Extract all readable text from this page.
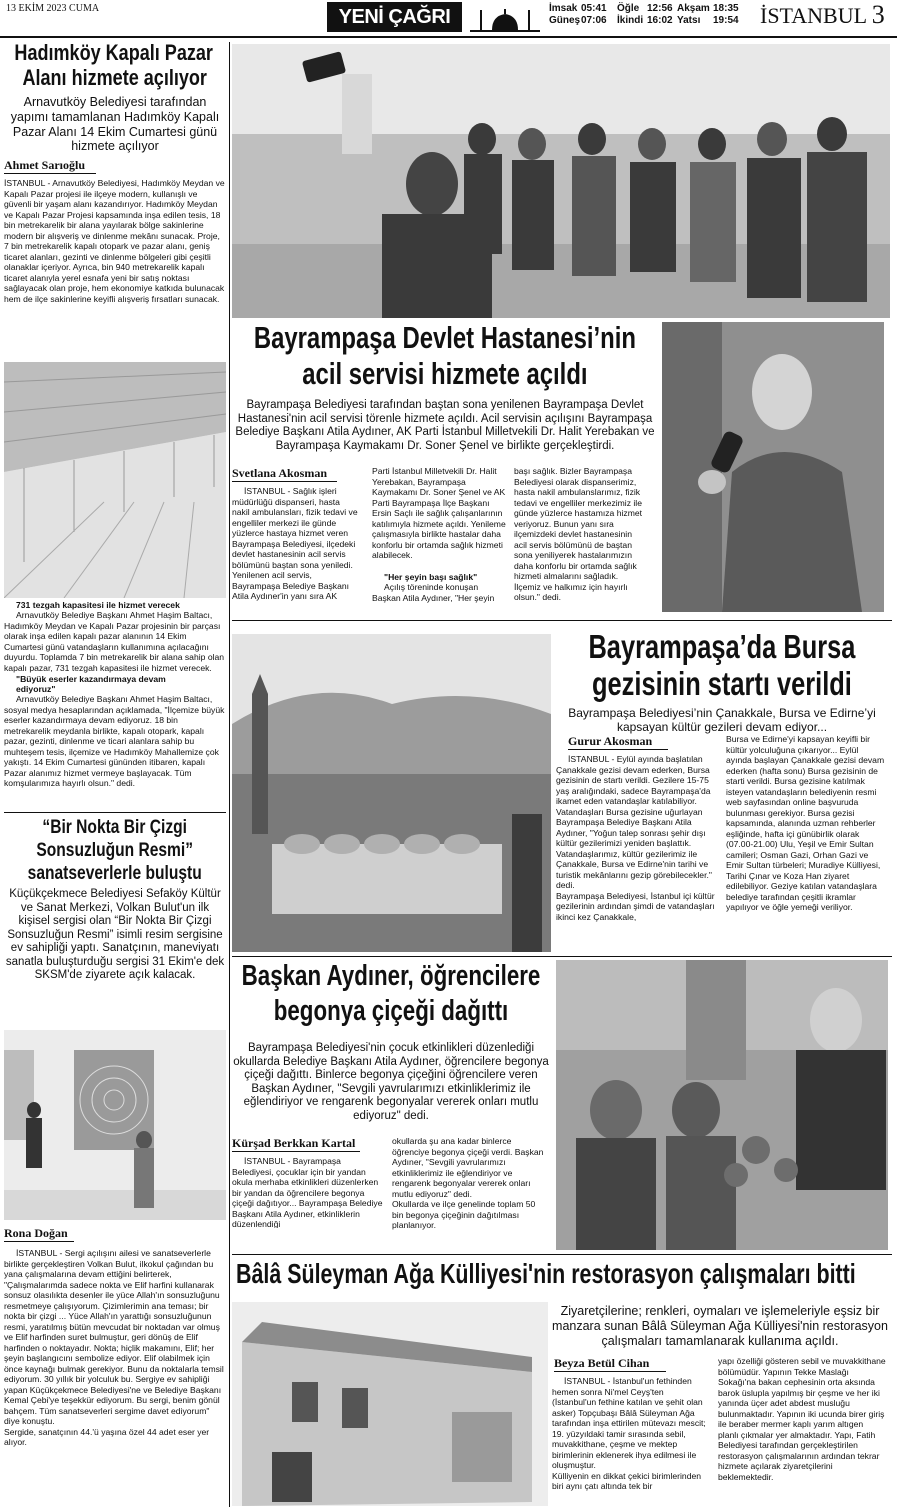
13 EKİM 2023 CUMA	YENİ ÇAĞRI	İmsak 05:41 Öğle 12:56 Akşam 18:35
Güneş07:06 İkindi 16:02 Yatsı 19:54 İSTANBUL 3
Hadımköy Kapalı Pazar
Alanı hizmete açılıyor
Arnavutköy Belediyesi tarafından yapımı tamamlanan Hadımköy Kapalı Pazar Alanı 14 Ekim Cumartesi günü hizmete açılıyor
Ahmet Sarıoğlu
İSTANBUL - Arnavutköy Belediyesi, Hadımköy Meydan ve Kapalı Pazar projesi ile ilçeye modern, kullanışlı ve güvenli bir yaşam alanı kazandırıyor. Hadımköy Meydan ve Kapalı Pazar Projesi kapsamında inşa edilen tesis, 18 bin metrekarelik bir alana yayılarak bölge sakinlerine modern bir alışveriş ve dinlenme mekânı sunacak. Proje, 7 bin metrekarelik kapalı otopark ve pazar alanı, geniş ticaret alanları, gezinti ve dinlenme bölgeleri gibi çeşitli olanaklar içeriyor. Ayrıca, bin 940 metrekarelik kapalı ticaret alanıyla yerel esnafa yeni bir satış noktası sağlayacak olan proje, hem ekonomiye katkıda bulunacak hem de ilçe sakinlerine keyifli alışveriş fırsatları sunacak.
731 tezgah kapasitesi ile hizmet verecek
Arnavutköy Belediye Başkanı Ahmet Haşim Baltacı, Hadımköy Meydan ve Kapalı Pazar projesinin bir parçası olarak inşa edilen kapalı pazar alanının 14 Ekim Cumartesi günü vatandaşların kullanımına açılacağını duyurdu. Toplamda 7 bin metrekarelik bir alana sahip olan kapalı pazar, 731 tezgah kapasitesi ile hizmet verecek.
"Büyük eserler kazandırmaya devam ediyoruz"
Arnavutköy Belediye Başkanı Ahmet Haşim Baltacı, sosyal medya hesaplarından açıklamada, "İlçemize büyük eserler kazandırmaya devam ediyoruz. 18 bin metrekarelik meydanla birlikte, kapalı otopark, kapalı pazar, gezinti, dinlenme ve ticari alanlara sahip bu muhteşem tesis, ilçemize ve Hadımköy Mahallemize çok yakıştı. 14 Ekim Cumartesi gününden itibaren, kapalı Pazar alanımız hizmet vermeye başlayacak. Tüm komşularımıza hayırlı olsun." dedi.
“Bir Nokta Bir Çizgi
Sonsuzluğun Resmi”
sanatseverlerle buluştu
Küçükçekmece Belediyesi Sefaköy Kültür ve Sanat Merkezi, Volkan Bulut'un ilk kişisel sergisi olan “Bir Nokta Bir Çizgi Sonsuzluğun Resmi” isimli resim sergisine ev sahipliği yaptı. Sanatçının, maneviyatı sanatla buluşturduğu sergisi 31 Ekim'e dek SKSM'de ziyarete açık kalacak.
Rona Doğan
İSTANBUL - Sergi açılışını ailesi ve sanatseverlerle birlikte gerçekleştiren Volkan Bulut, ilkokul çağından bu yana çalışmalarına devam ettiğini belirterek, "Çalışmalarımda sadece nokta ve Elif harfini kullanarak sonsuz olasılıkta desenler ile yüce Allah'ın sonsuzluğunu resmetmeye çalışıyorum. Çizimlerimin ana teması; bir nokta bir çizgi ... Yüce Allah'ın yarattığı sonsuzluğunun resmi, yaratılmış bütün mevcudat bir noktadan var olmuş ve Elif harfinden suret bulmuştur, geri dönüş de Elif harfinden o noktayadır. Nokta; hiçlik makamını, Elif; her şeyin başlangıcını sembolize ediyor. Elif olabilmek için önce kaynağı bulmak gerekiyor. Bunu da noktalarla temsil ediyorum. 30 yıllık bir yolculuk bu. Sergiye ev sahipliği yapan Küçükçekmece Belediyesi'ne ve Belediye Başkanı Kemal Çebi'ye teşekkür ediyorum. Bu sergi, benim gönül bahçem. Tüm sanatseverleri sergime davet ediyorum" diye konuştu.
Sergide, sanatçının 44.'ü yaşına özel 44 adet eser yer alıyor.
Bayrampaşa Devlet Hastanesi’nin
acil servisi hizmete açıldı
Bayrampaşa Belediyesi tarafından baştan sona yenilenen Bayrampaşa Devlet Hastanesi'nin acil servisi törenle hizmete açıldı. Acil servisin açılışını Bayrampaşa Belediye Başkanı Atila Aydıner, AK Parti İstanbul Milletvekili Dr. Halit Yerebakan ve Bayrampaşa Kaymakamı Dr. Soner Şenel ve birlikte gerçekleştirdi.
Svetlana Akosman
İSTANBUL - Sağlık işleri müdürlüğü dispanseri, hasta nakil ambulansları, fizik tedavi ve engelliler merkezi ile günde yüzlerce hastaya hizmet veren Bayrampaşa Belediyesi, ilçedeki devlet hastanesinin acil servis bölümünü baştan sona yeniledi. Yenilenen acil servis, Bayrampaşa Belediye Başkanı Atila Aydıner'in yanı sıra AK
Parti İstanbul Milletvekili Dr. Halit Yerebakan, Bayrampaşa Kaymakamı Dr. Soner Şenel ve AK Parti Bayrampaşa İlçe Başkanı Ersin Saçlı ile sağlık çalışanlarının katılımıyla hizmete açıldı. Yenileme çalışmasıyla birlikte hastalar daha konforlu bir ortamda sağlık hizmeti alabilecek.
"Her şeyin başı sağlık"
Açılış töreninde konuşan Başkan Atila Aydıner, "Her şeyin
başı sağlık. Bizler Bayrampaşa Belediyesi olarak dispanserimiz, hasta nakil ambulanslarımız, fizik tedavi ve engelliler merkezimiz ile günde yüzlerce hastamıza hizmet veriyoruz. Bunun yanı sıra ilçemizdeki devlet hastanesinin acil servis bölümünü de baştan sona yeniliyerek hastalarımızın daha konforlu bir ortamda sağlık hizmeti almalarını sağladık. İlçemiz ve halkımız için hayırlı olsun." dedi.
Bayrampaşa’da Bursa
gezisinin startı verildi
Bayrampaşa Belediyesi’nin Çanakkale, Bursa ve Edirne’yi kapsayan kültür gezileri devam ediyor...
Gurur Akosman
İSTANBUL - Eylül ayında başlatılan Çanakkale gezisi devam ederken, Bursa gezisinin de startı verildi. Gezilere 15-75 yaş aralığındaki, sadece Bayrampaşa'da ikamet eden vatandaşlar katılabiliyor. Vatandaşları Bursa gezisine uğurlayan Bayrampaşa Belediye Başkanı Atila Aydıner, "Yoğun talep sonrası şehir dışı kültür gezilerimizi yeniden başlattık. Vatandaşlarımız, kültür gezilerimiz ile Çanakkale, Bursa ve Edirne'nin tarihi ve turistik mekânlarını gezip görebilecekler." dedi.
Bayrampaşa Belediyesi, İstanbul içi kültür gezilerinin ardından şimdi de vatandaşları ikinci kez Çanakkale,
Bursa ve Edirne'yi kapsayan keyifli bir kültür yolculuğuna çıkarıyor... Eylül ayında başlayan Çanakkale gezisi devam ederken (hafta sonu) Bursa gezisinin de starti verildi. Bursa gezisine katılmak isteyen vatandaşların belediyenin resmi web sayfasından online başvuruda bulunması gerekiyor. Bursa gezisi kapsamında, alanında uzman rehberler eşliğinde, hafta içi günübirlik olarak (07.00-21.00) Ulu, Yeşil ve Emir Sultan camileri; Osman Gazi, Orhan Gazi ve Emir Sultan türbeleri; Muradiye Külliyesi, Tarihi Çınar ve Koza Han ziyaret edilebiliyor. Geziye katılan vatandaşlara belediye tarafından çeşitli ikramlar yapılıyor ve öğle yemeği veriliyor.
Başkan Aydıner, öğrencilere
begonya çiçeği dağıttı
Bayrampaşa Belediyesi'nin çocuk etkinlikleri düzenlediği okullarda Belediye Başkanı Atila Aydıner, öğrencilere begonya çiçeği dağıttı. Binlerce begonya çiçeğini öğrencilere veren Başkan Aydıner, "Sevgili yavrularımızı etkinliklerimiz ile eğlendiriyor ve rengarenk begonyalar vererek onları mutlu ediyoruz" dedi.
Kürşad Berkkan Kartal
İSTANBUL - Bayrampaşa Belediyesi, çocuklar için bir yandan okula merhaba etkinlikleri düzenlerken bir yandan da öğrencilere begonya çiçeği dağıtıyor... Bayrampaşa Belediye Başkanı Atila Aydıner, etkinliklerin düzenlendiği
okullarda şu ana kadar binlerce öğrenciye begonya çiçeği verdi. Başkan Aydıner, "Sevgili yavrularımızı etkinliklerimiz ile eğlendiriyor ve rengarenk begonyalar vererek onları mutlu ediyoruz" dedi.
Okullarda ve ilçe genelinde toplam 50 bin begonya çiçeğinin dağıtılması planlanıyor.
Bâlâ Süleyman Ağa Külliyesi'nin restorasyon çalışmaları bitti
Ziyaretçilerine; renkleri, oymaları ve işlemeleriyle eşsiz bir manzara sunan Bâlâ Süleyman Ağa Külliyesi'nin restorasyon çalışmaları tamamlanarak kullanıma açıldı.
Beyza Betül Cihan
İSTANBUL - İstanbul'un fethinden hemen sonra Ni'mel Ceyş'ten (İstanbul'un fethine katılan ve şehit olan asker) Topçubaşı Bâlâ Süleyman Ağa tarafından inşa ettirilen mütevazı mescit; 19. yüzyıldaki tamir sırasında sebil, muvakkithane, çeşme ve mektep birimlerinin eklenerek ihya edilmesi ile oluşmuştur.
Külliyenin en dikkat çekici birimlerinden biri aynı çatı altında tek bir
yapı özelliği gösteren sebil ve muvakkithane bölümüdür. Yapının Tekke Maslağı Sokağı'na bakan cephesinin orta aksında barok üslupla yapılmış bir çeşme ve her iki yanında üçer adet abdest musluğu bulunmaktadır. Yapının iki ucunda birer giriş ile beraber mermer kaplı yarım altıgen planlı çıkmalar yer almaktadır. Yapı, Fatih Belediyesi tarafından gerçekleştirilen restorasyon çalışmalarının ardından tekrar hizmete açılarak ziyaretçilerini beklemektedir.
